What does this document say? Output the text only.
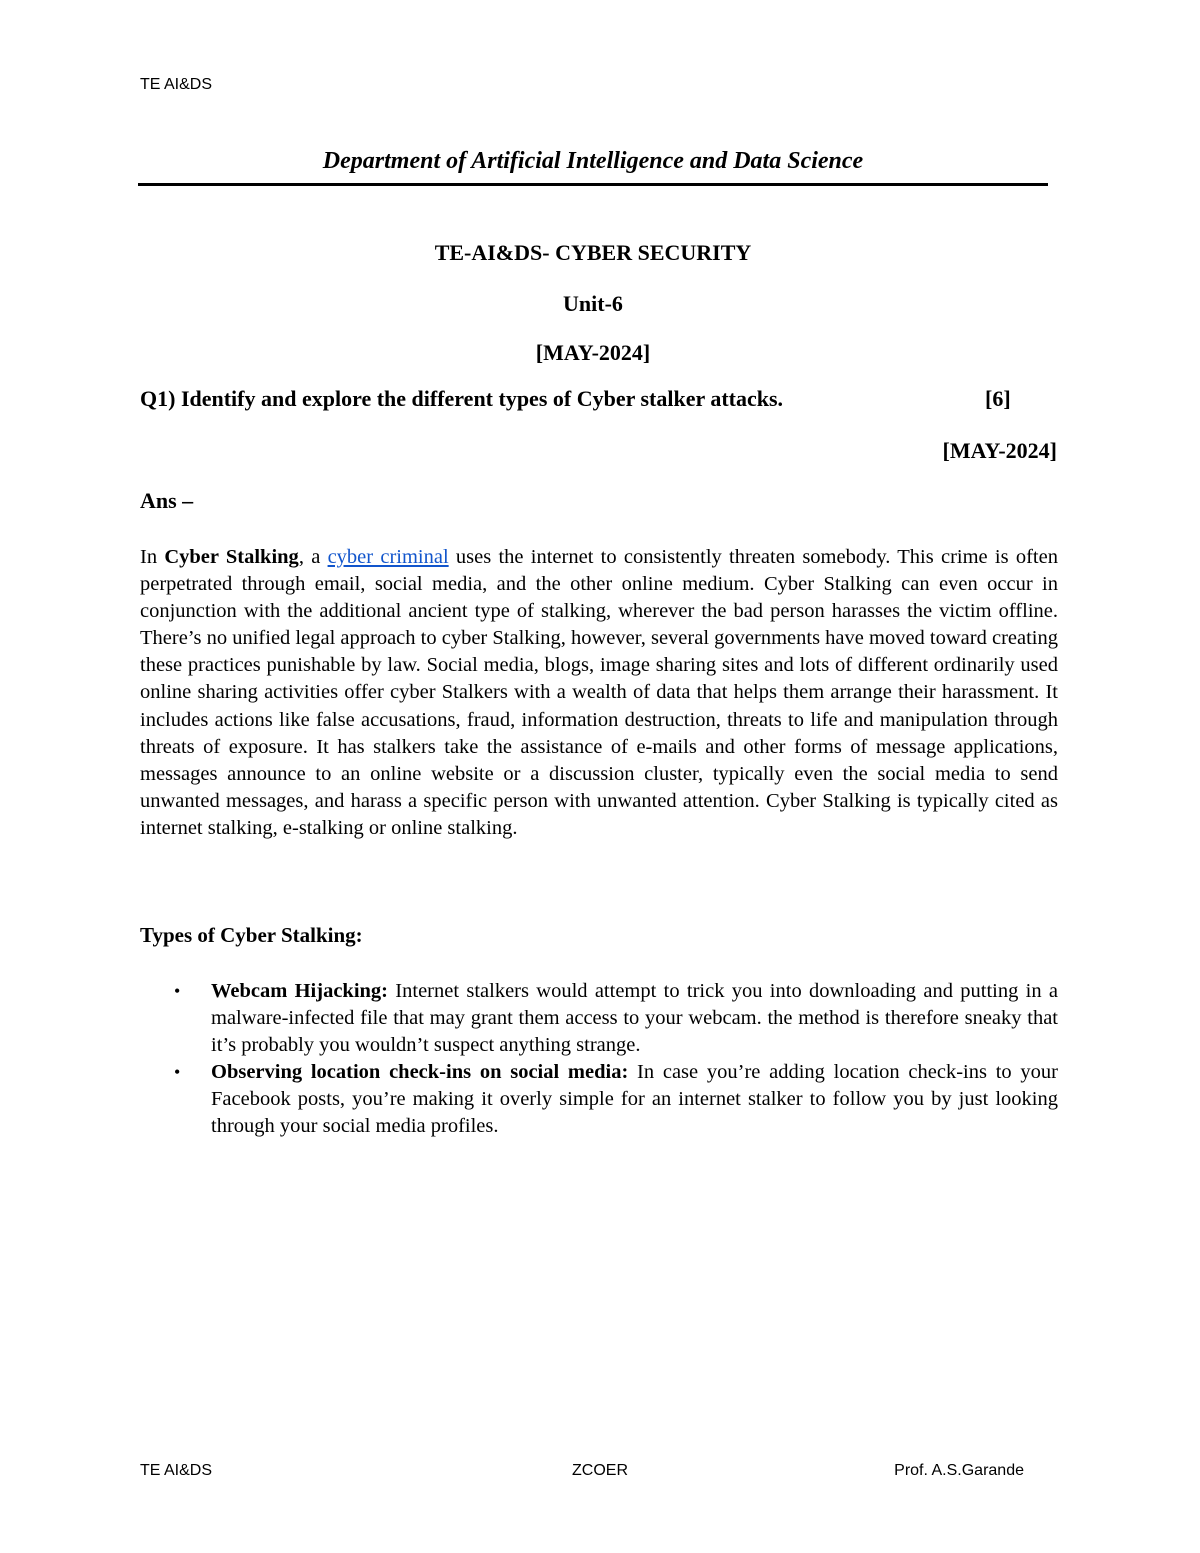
TE AI&DS
Department of Artificial Intelligence and Data Science
TE-AI&DS- CYBER SECURITY
Unit-6
[MAY-2024]
Q1) Identify and explore the different types of Cyber stalker attacks.	[6]
[MAY-2024]
Ans –
In Cyber Stalking, a cyber criminal uses the internet to consistently threaten somebody. This crime is often perpetrated through email, social media, and the other online medium. Cyber Stalking can even occur in conjunction with the additional ancient type of stalking, wherever the bad person harasses the victim offline. There’s no unified legal approach to cyber Stalking, however, several governments have moved toward creating these practices punishable by law. Social media, blogs, image sharing sites and lots of different ordinarily used online sharing activities offer cyber Stalkers with a wealth of data that helps them arrange their harassment. It includes actions like false accusations, fraud, information destruction, threats to life and manipulation through threats of exposure. It has stalkers take the assistance of e-mails and other forms of message applications, messages announce to an online website or a discussion cluster, typically even the social media to send unwanted messages, and harass a specific person with unwanted attention. Cyber Stalking is typically cited as internet stalking, e-stalking or online stalking.
Types of Cyber Stalking:
• Webcam Hijacking: Internet stalkers would attempt to trick you into downloading and putting in a malware-infected file that may grant them access to your webcam. the method is therefore sneaky that it’s probably you wouldn’t suspect anything strange.
• Observing location check-ins on social media: In case you’re adding location check-ins to your Facebook posts, you’re making it overly simple for an internet stalker to follow you by just looking through your social media profiles.
TE AI&DS	ZCOER	Prof. A.S.Garande
